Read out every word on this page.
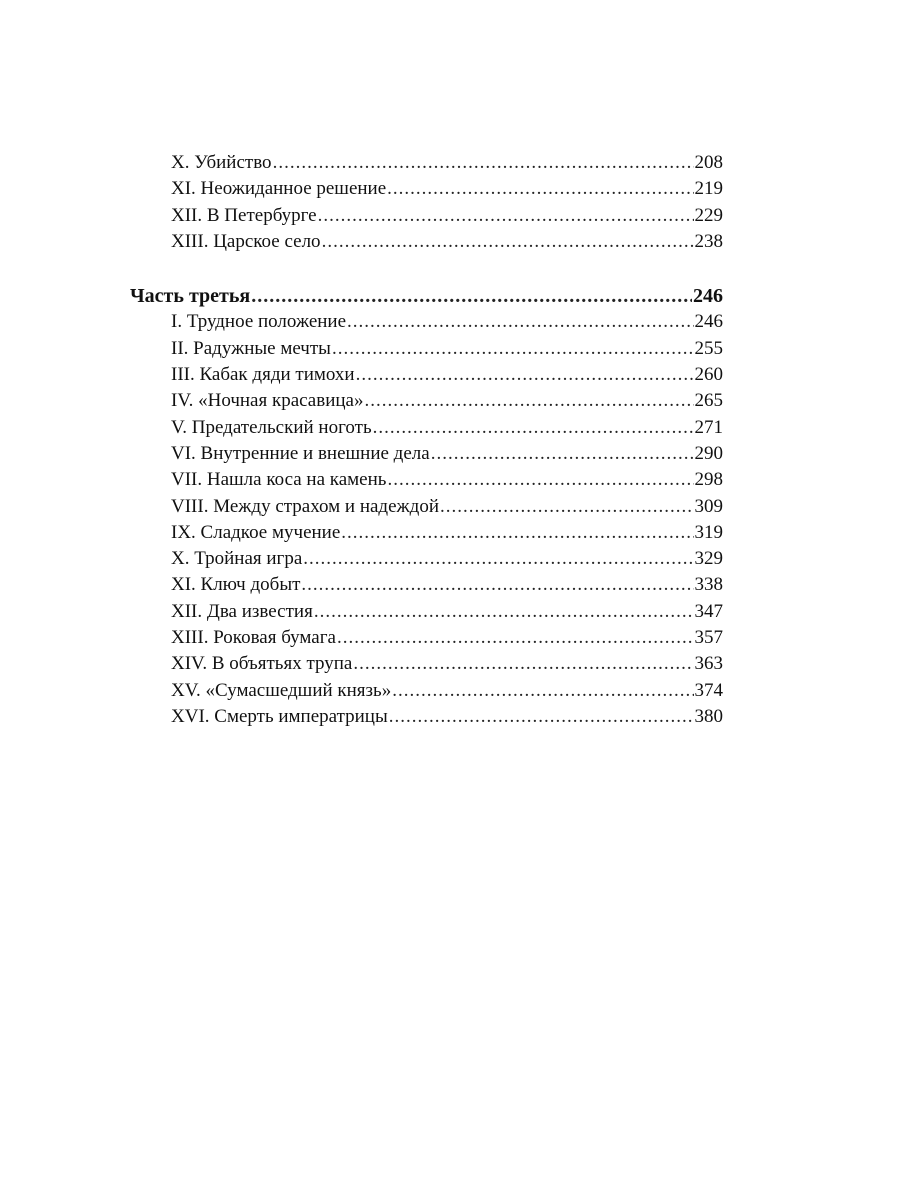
X. Убийство .....	208
XI. Неожиданное решение .....	219
XII. В Петербурге .....	229
XIII. Царское село .....	238
Часть третья .....	246
I. Трудное положение .....	246
II. Радужные мечты .....	255
III. Кабак дяди тимохи .....	260
IV. «Ночная красавица» .....	265
V. Предательский ноготь .....	271
VI. Внутренние и внешние дела .....	290
VII. Нашла коса на камень .....	298
VIII. Между страхом и надеждой .....	309
IX. Сладкое мучение .....	319
X. Тройная игра .....	329
XI. Ключ добыт .....	338
XII. Два известия .....	347
XIII. Роковая бумага .....	357
XIV. В объятьях трупа .....	363
XV. «Сумасшедший князь» .....	374
XVI. Смерть императрицы .....	380
